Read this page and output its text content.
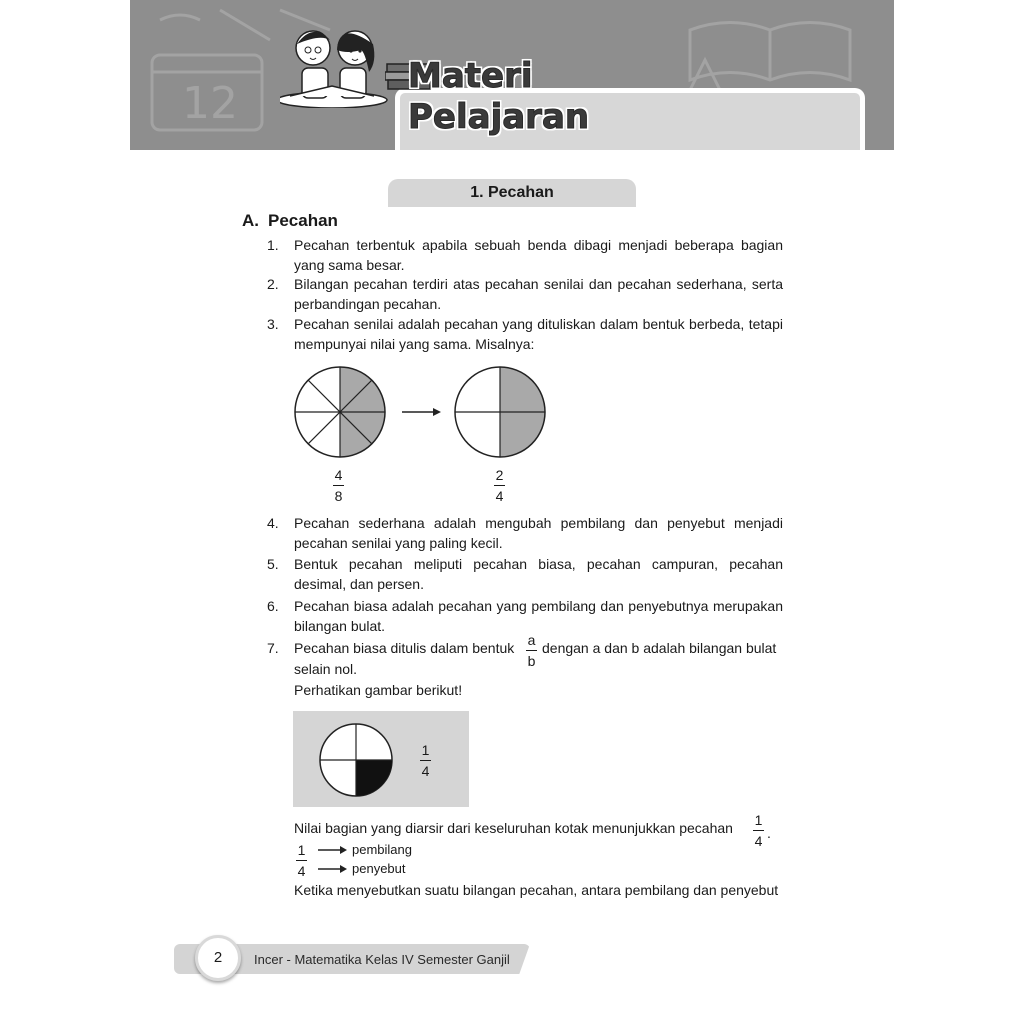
12
Materi
Pelajaran
1. Pecahan
A. Pecahan
1. Pecahan terbentuk apabila sebuah benda dibagi menjadi beberapa bagian yang sama besar.
2. Bilangan pecahan terdiri atas pecahan senilai dan pecahan sederhana, serta perbandingan pecahan.
3. Pecahan senilai adalah pecahan yang dituliskan dalam bentuk berbeda, tetapi mempunyai nilai yang sama. Misalnya:
4
8
2
4
4. Pecahan sederhana adalah mengubah pembilang dan penyebut menjadi pecahan senilai yang paling kecil.
5. Bentuk pecahan meliputi pecahan biasa, pecahan campuran, pecahan desimal, dan persen.
6. Pecahan biasa adalah pecahan yang pembilang dan penyebutnya merupakan bilangan bulat.
7. Pecahan biasa ditulis dalam bentuk a
b
dengan a dan b adalah bilangan bulat
selain nol.
Perhatikan gambar berikut!
1
4
Nilai bagian yang diarsir dari keseluruhan kotak menunjukkan pecahan 1
4 .
1
4
pembilang
penyebut
Ketika menyebutkan suatu bilangan pecahan, antara pembilang dan penyebut
2	Incer - Matematika Kelas IV Semester Ganjil
